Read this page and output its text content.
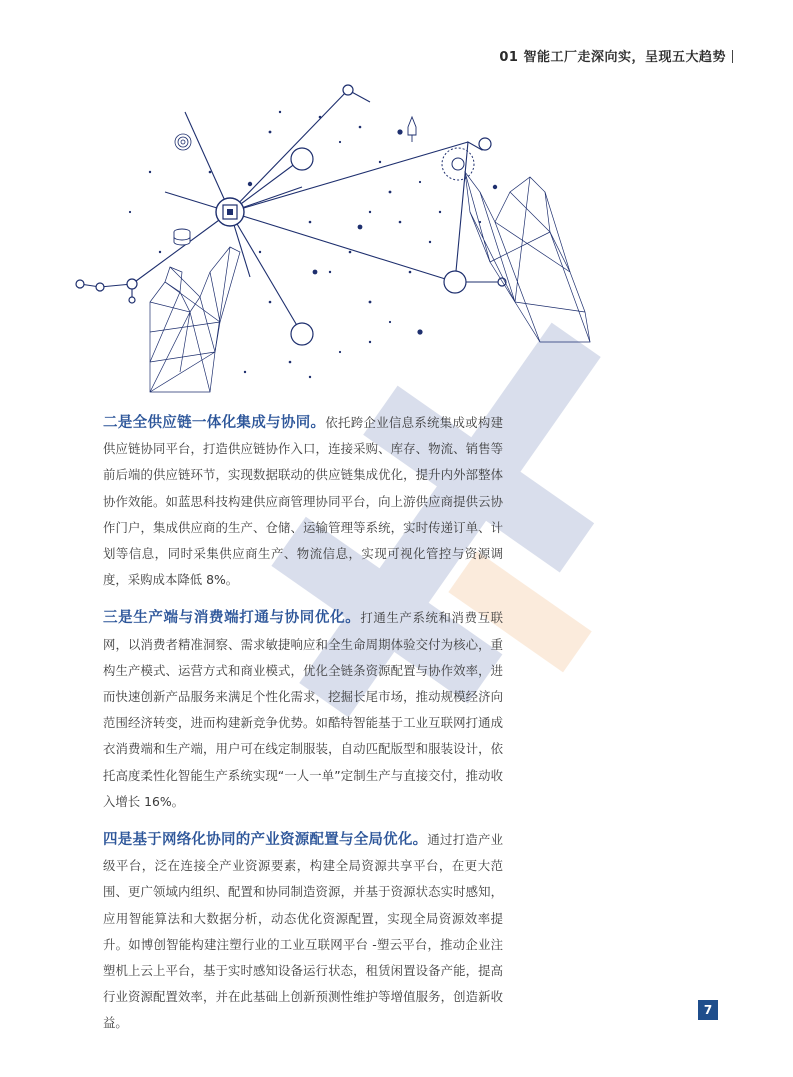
01 智能工厂走深向实，呈现五大趋势

二是全供应链一体化集成与协同。依托跨企业信息系统集成或构建供应链协同平台，打造供应链协作入口，连接采购、库存、物流、销售等前后端的供应链环节，实现数据联动的供应链集成优化，提升内外部整体协作效能。如蓝思科技构建供应商管理协同平台，向上游供应商提供云协作门户，集成供应商的生产、仓储、运输管理等系统，实时传递订单、计划等信息，同时采集供应商生产、物流信息，实现可视化管控与资源调度，采购成本降低 8%。

三是生产端与消费端打通与协同优化。打通生产系统和消费互联网，以消费者精准洞察、需求敏捷响应和全生命周期体验交付为核心，重构生产模式、运营方式和商业模式，优化全链条资源配置与协作效率，进而快速创新产品服务来满足个性化需求，挖掘长尾市场，推动规模经济向范围经济转变，进而构建新竞争优势。如酷特智能基于工业互联网打通成衣消费端和生产端，用户可在线定制服装，自动匹配版型和服装设计，依托高度柔性化智能生产系统实现“一人一单”定制生产与直接交付，推动收入增长 16%。

四是基于网络化协同的产业资源配置与全局优化。通过打造产业级平台，泛在连接全产业资源要素，构建全局资源共享平台，在更大范围、更广领域内组织、配置和协同制造资源，并基于资源状态实时感知，应用智能算法和大数据分析，动态优化资源配置，实现全局资源效率提升。如博创智能构建注塑行业的工业互联网平台 -塑云平台，推动企业注塑机上云上平台，基于实时感知设备运行状态，租赁闲置设备产能，提高行业资源配置效率，并在此基础上创新预测性维护等增值服务，创造新收益。

7
